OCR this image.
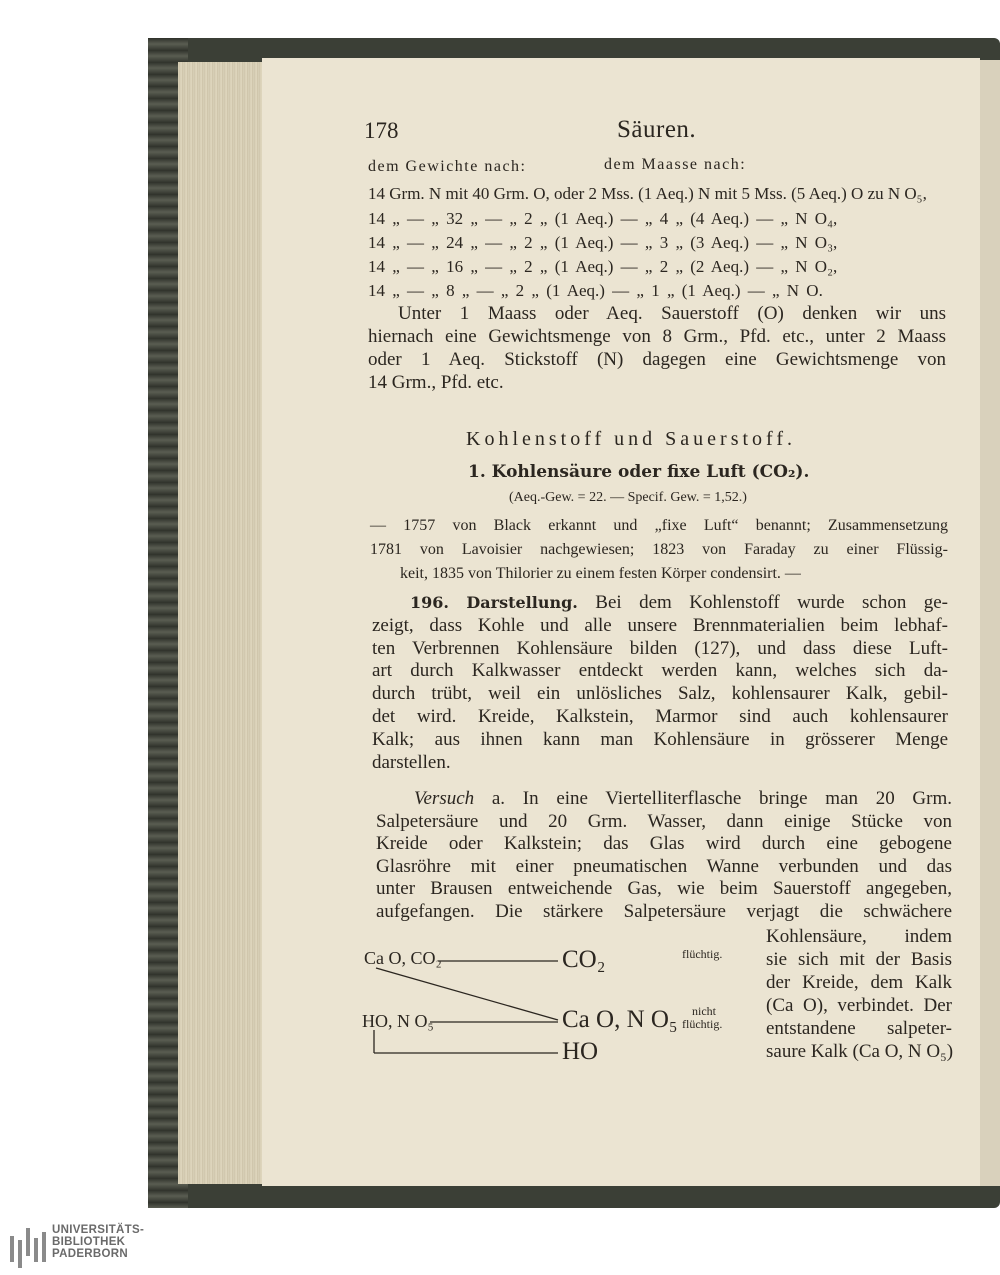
178	Säuren.
dem Gewichte nach:	dem Maasse nach:
14 Grm. N mit 40 Grm. O, oder 2 Mss. (1 Aeq.) N mit 5 Mss. (5 Aeq.) O zu N O₅,
14 „ — „ 32 „ — „ 2 „ (1 Aeq.) — „ 4 „ (4 Aeq.) — „ N O₄,
14 „ — „ 24 „ — „ 2 „ (1 Aeq.) — „ 3 „ (3 Aeq.) — „ N O₃,
14 „ — „ 16 „ — „ 2 „ (1 Aeq.) — „ 2 „ (2 Aeq.) — „ N O₂,
14 „ — „ 8 „ — „ 2 „ (1 Aeq.) — „ 1 „ (1 Aeq.) — „ N O.
Unter 1 Maass oder Aeq. Sauerstoff (O) denken wir uns
hiernach eine Gewichtsmenge von 8 Grm., Pfd. etc., unter 2 Maass
oder 1 Aeq. Stickstoff (N) dagegen eine Gewichtsmenge von
14 Grm., Pfd. etc.
Kohlenstoff und Sauerstoff.
1. Kohlensäure oder fixe Luft (CO₂).
(Aeq.-Gew. = 22. — Specif. Gew. = 1,52.)
— 1757 von Black erkannt und „fixe Luft“ benannt; Zusammensetzung
1781 von Lavoisier nachgewiesen; 1823 von Faraday zu einer Flüssig-
keit, 1835 von Thilorier zu einem festen Körper condensirt. —
196. Darstellung. Bei dem Kohlenstoff wurde schon ge-
zeigt, dass Kohle und alle unsere Brennmaterialien beim lebhaf-
ten Verbrennen Kohlensäure bilden (127), und dass diese Luft-
art durch Kalkwasser entdeckt werden kann, welches sich da-
durch trübt, weil ein unlösliches Salz, kohlensaurer Kalk, gebil-
det wird. Kreide, Kalkstein, Marmor sind auch kohlensaurer
Kalk; aus ihnen kann man Kohlensäure in grösserer Menge
darstellen.
Versuch a. In eine Viertelliterflasche bringe man 20 Grm.
Salpetersäure und 20 Grm. Wasser, dann einige Stücke von
Kreide oder Kalkstein; das Glas wird durch eine gebogene
Glasröhre mit einer pneumatischen Wanne verbunden und das
unter Brausen entweichende Gas, wie beim Sauerstoff angegeben,
aufgefangen. Die stärkere Salpetersäure verjagt die schwächere
Kohlensäure, indem
sie sich mit der Basis
der Kreide, dem Kalk
(Ca O), verbindet. Der
entstandene salpeter-
saure Kalk (Ca O, N O₅)
Ca O, CO₂
HO, N O₅
CO₂
Ca O, N O₅
HO
flüchtig.
nicht
flüchtig.
UNIVERSITÄTS-
BIBLIOTHEK
PADERBORN
